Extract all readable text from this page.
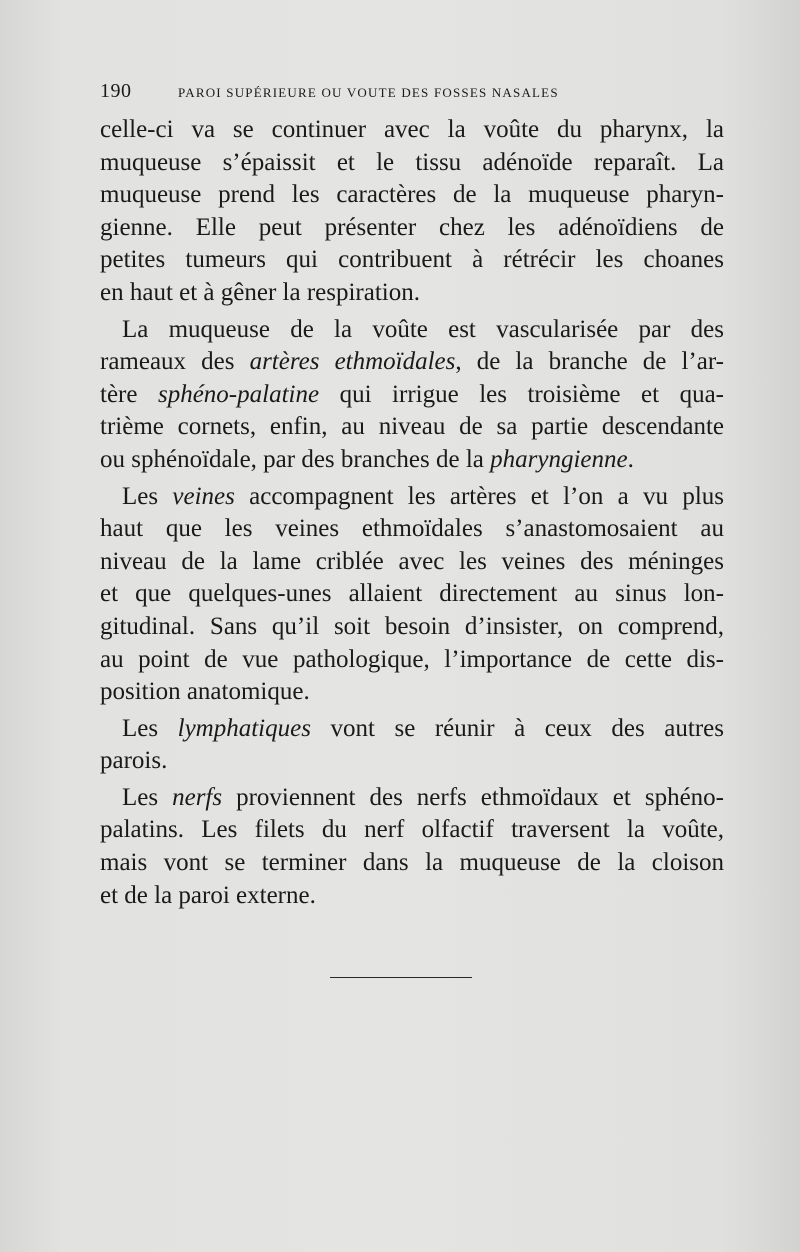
190	PAROI SUPÉRIEURE OU VOUTE DES FOSSES NASALES
celle-ci va se continuer avec la voûte du pharynx, la
muqueuse s’épaissit et le tissu adénoïde reparaît. La
muqueuse prend les caractères de la muqueuse pharyn-
gienne. Elle peut présenter chez les adénoïdiens de
petites tumeurs qui contribuent à rétrécir les choanes
en haut et à gêner la respiration.
La muqueuse de la voûte est vascularisée par des
rameaux des artères ethmoïdales, de la branche de l’ar-
tère sphéno-palatine qui irrigue les troisième et qua-
trième cornets, enfin, au niveau de sa partie descendante
ou sphénoïdale, par des branches de la pharyngienne.
Les veines accompagnent les artères et l’on a vu plus
haut que les veines ethmoïdales s’anastomosaient au
niveau de la lame criblée avec les veines des méninges
et que quelques-unes allaient directement au sinus lon-
gitudinal. Sans qu’il soit besoin d’insister, on comprend,
au point de vue pathologique, l’importance de cette dis-
position anatomique.
Les lymphatiques vont se réunir à ceux des autres
parois.
Les nerfs proviennent des nerfs ethmoïdaux et sphéno-
palatins. Les filets du nerf olfactif traversent la voûte,
mais vont se terminer dans la muqueuse de la cloison
et de la paroi externe.
